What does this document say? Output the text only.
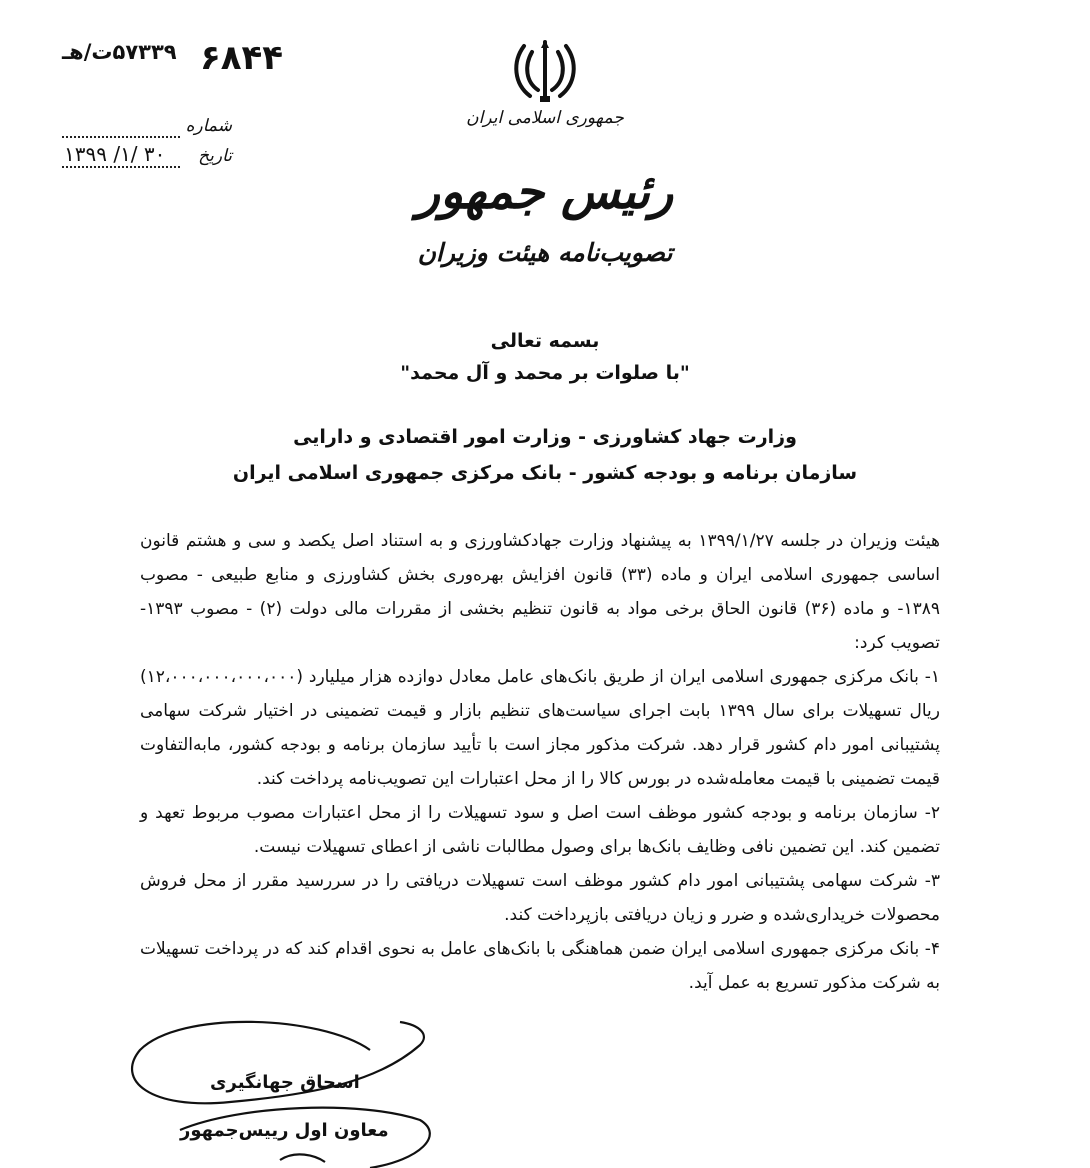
۵۷۳۳۹ت/هـ ۶۸۴۴
شماره
تاریخ
۱۳۹۹ /۱/ ۳۰
جمهوری اسلامی ایران
رئیس جمهور
تصویب‌نامه هیئت وزیران
بسمه تعالی
"با صلوات بر محمد و آل محمد"
وزارت جهاد کشاورزی - وزارت امور اقتصادی و دارایی
سازمان برنامه و بودجه کشور - بانک مرکزی جمهوری اسلامی ایران

هیئت وزیران در جلسه ۱۳۹۹/۱/۲۷ به پیشنهاد وزارت جهادکشاورزی و به استناد اصل یکصد و سی و هشتم قانون اساسی جمهوری اسلامی ایران و ماده (۳۳) قانون افزایش بهره‌وری بخش کشاورزی و منابع طبیعی - مصوب ۱۳۸۹- و ماده (۳۶) قانون الحاق برخی مواد به قانون تنظیم بخشی از مقررات مالی دولت (۲) - مصوب ۱۳۹۳- تصویب کرد:

۱- بانک مرکزی جمهوری اسلامی ایران از طریق بانک‌های عامل معادل دوازده هزار میلیارد (۱۲،۰۰۰،۰۰۰،۰۰۰،۰۰۰) ریال تسهیلات برای سال ۱۳۹۹ بابت اجرای سیاست‌های تنظیم بازار و قیمت تضمینی در اختیار شرکت سهامی پشتیبانی امور دام کشور قرار دهد. شرکت مذکور مجاز است با تأیید سازمان برنامه و بودجه کشور، مابه‌التفاوت قیمت تضمینی با قیمت معامله‌شده در بورس کالا را از محل اعتبارات این تصویب‌نامه پرداخت کند.

۲- سازمان برنامه و بودجه کشور موظف است اصل و سود تسهیلات را از محل اعتبارات مصوب مربوط تعهد و تضمین کند. این تضمین نافی وظایف بانک‌ها برای وصول مطالبات ناشی از اعطای تسهیلات نیست.

۳- شرکت سهامی پشتیبانی امور دام کشور موظف است تسهیلات دریافتی را در سررسید مقرر از محل فروش محصولات خریداری‌شده و ضرر و زیان دریافتی بازپرداخت کند.

۴- بانک مرکزی جمهوری اسلامی ایران ضمن هماهنگی با بانک‌های عامل به نحوی اقدام کند که در پرداخت تسهیلات به شرکت مذکور تسریع به عمل آید.

اسحاق جهانگیری
معاون اول رییس‌جمهور
